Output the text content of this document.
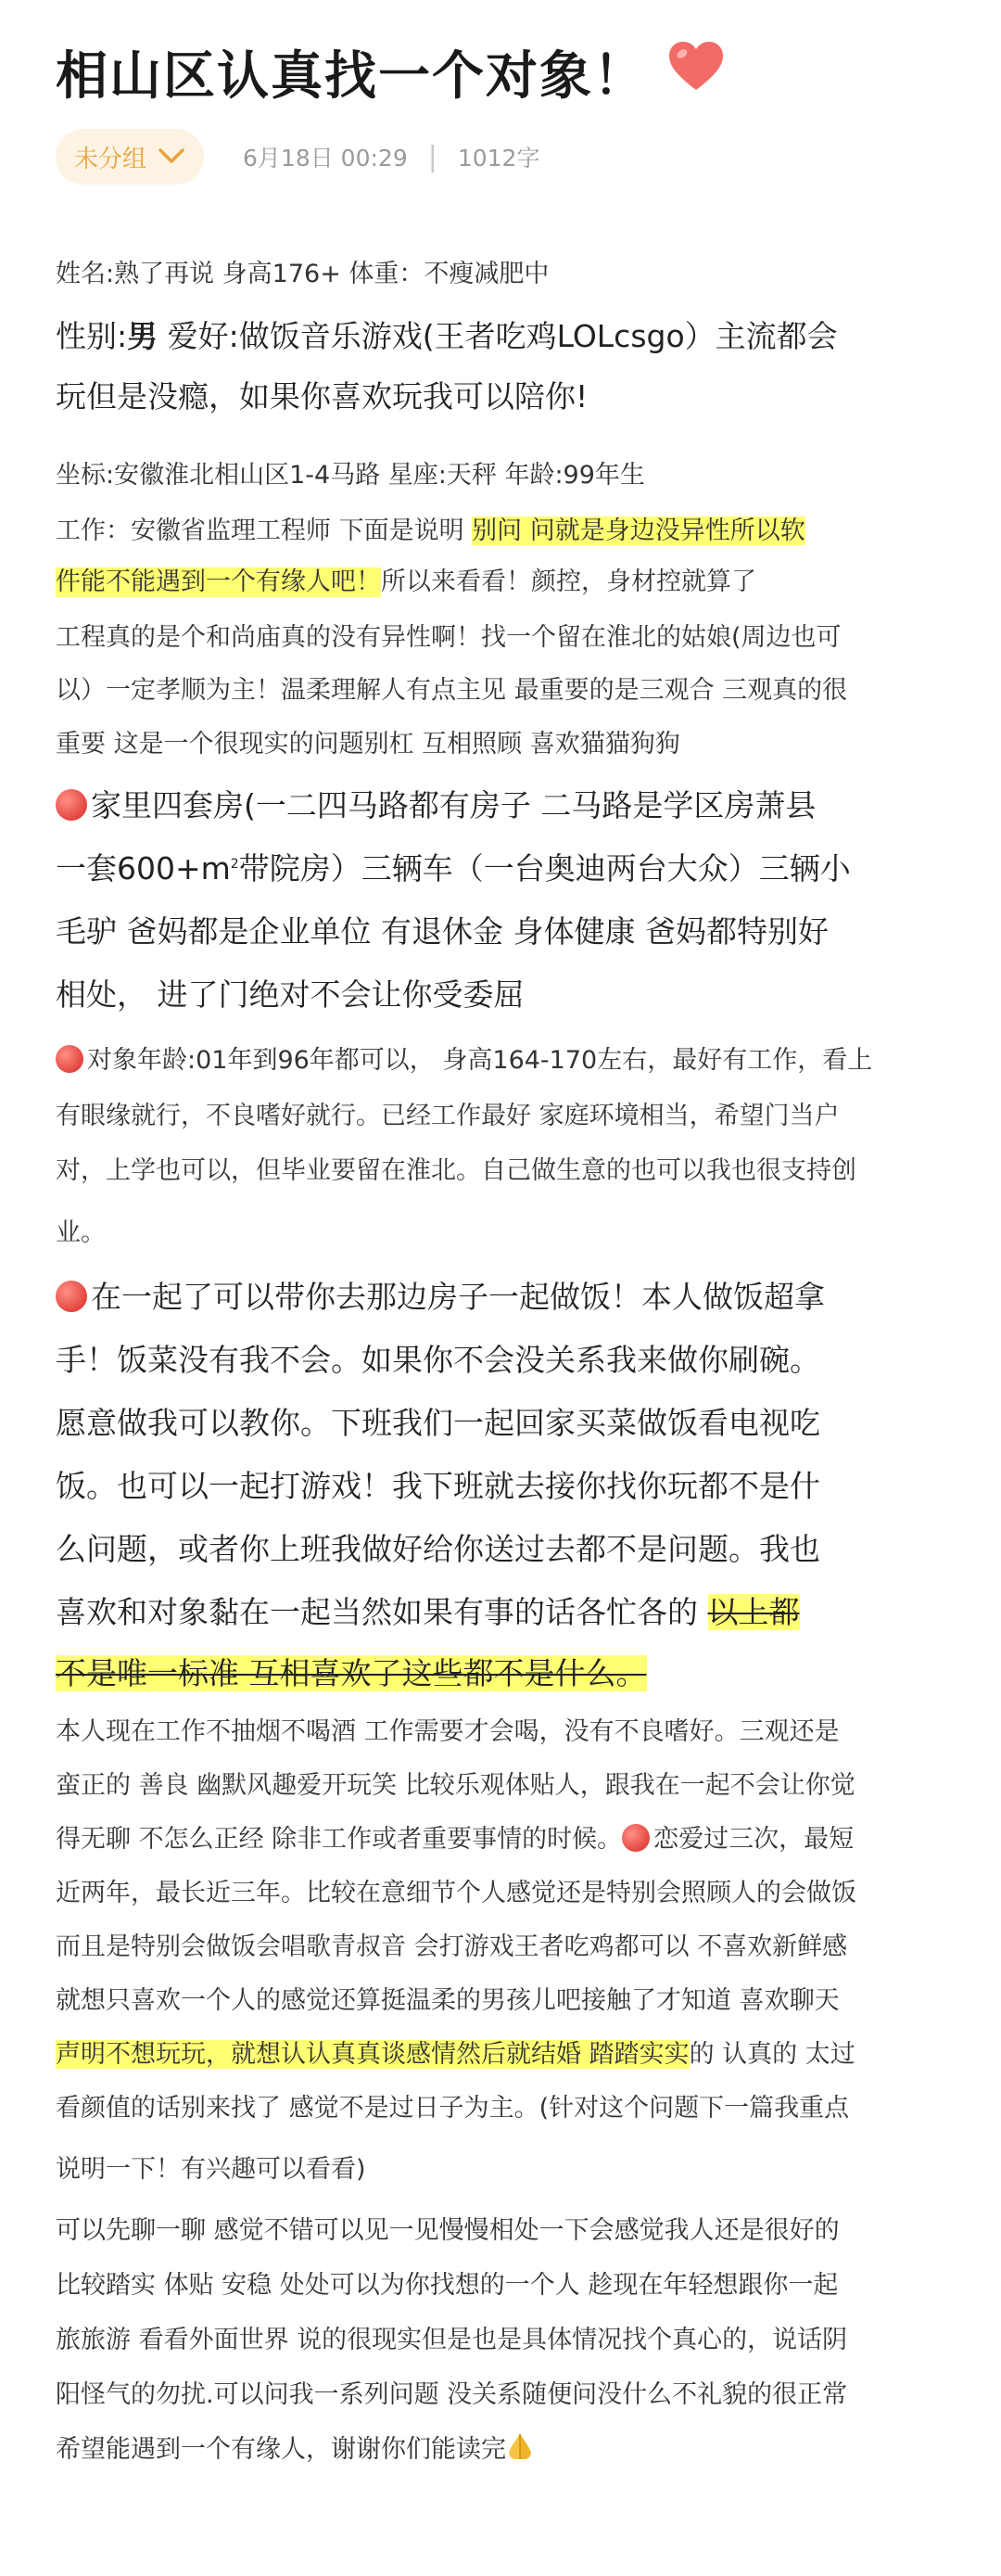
相山区认真找一个对象！
未分组	6月18日 00:29 | 1012字
姓名:熟了再说 身高176+ 体重：不瘦减肥中
性别:男 爱好:做饭音乐游戏(王者吃鸡LOLcsgo）主流都会
玩但是没瘾，如果你喜欢玩我可以陪你!
坐标:安徽淮北相山区1-4马路 星座:天秤 年龄:99年生
工作：安徽省监理工程师 下面是说明 别问 问就是身边没异性所以软
件能不能遇到一个有缘人吧！所以来看看！颜控，身材控就算了
工程真的是个和尚庙真的没有异性啊！找一个留在淮北的姑娘(周边也可
以）一定孝顺为主！温柔理解人有点主见 最重要的是三观合 三观真的很
重要 这是一个很现实的问题别杠 互相照顾 喜欢猫猫狗狗
家里四套房(一二四马路都有房子 二马路是学区房萧县
一套$600+m^2$带院房）三辆车（一台奥迪两台大众）三辆小
毛驴 爸妈都是企业单位 有退休金 身体健康 爸妈都特别好
相处， 进了门绝对不会让你受委屈
对象年龄:01年到96年都可以， 身高164-170左右，最好有工作，看上
有眼缘就行，不良嗜好就行。已经工作最好 家庭环境相当，希望门当户
对，上学也可以，但毕业要留在淮北。自己做生意的也可以我也很支持创
业。
在一起了可以带你去那边房子一起做饭！本人做饭超拿
手！饭菜没有我不会。如果你不会没关系我来做你刷碗。
愿意做我可以教你。下班我们一起回家买菜做饭看电视吃
饭。也可以一起打游戏！我下班就去接你找你玩都不是什
么问题，或者你上班我做好给你送过去都不是问题。我也
喜欢和对象黏在一起当然如果有事的话各忙各的 以上都
不是唯一标准 互相喜欢了这些都不是什么。
本人现在工作不抽烟不喝酒 工作需要才会喝，没有不良嗜好。三观还是
蛮正的 善良 幽默风趣爱开玩笑 比较乐观体贴人，跟我在一起不会让你觉
得无聊 不怎么正经 除非工作或者重要事情的时候。 恋爱过三次，最短
近两年，最长近三年。比较在意细节个人感觉还是特别会照顾人的会做饭
而且是特别会做饭会唱歌青叔音 会打游戏王者吃鸡都可以 不喜欢新鲜感
就想只喜欢一个人的感觉还算挺温柔的男孩儿吧接触了才知道 喜欢聊天
声明不想玩玩，就想认认真真谈感情然后就结婚 踏踏实实的 认真的 太过
看颜值的话别来找了 感觉不是过日子为主。(针对这个问题下一篇我重点
说明一下！有兴趣可以看看)
可以先聊一聊 感觉不错可以见一见慢慢相处一下会感觉我人还是很好的
比较踏实 体贴 安稳 处处可以为你找想的一个人 趁现在年轻想跟你一起
旅旅游 看看外面世界 说的很现实但是也是具体情况找个真心的，说话阴
阳怪气的勿扰.可以问我一系列问题 没关系随便问没什么不礼貌的很正常
希望能遇到一个有缘人，谢谢你们能读完
